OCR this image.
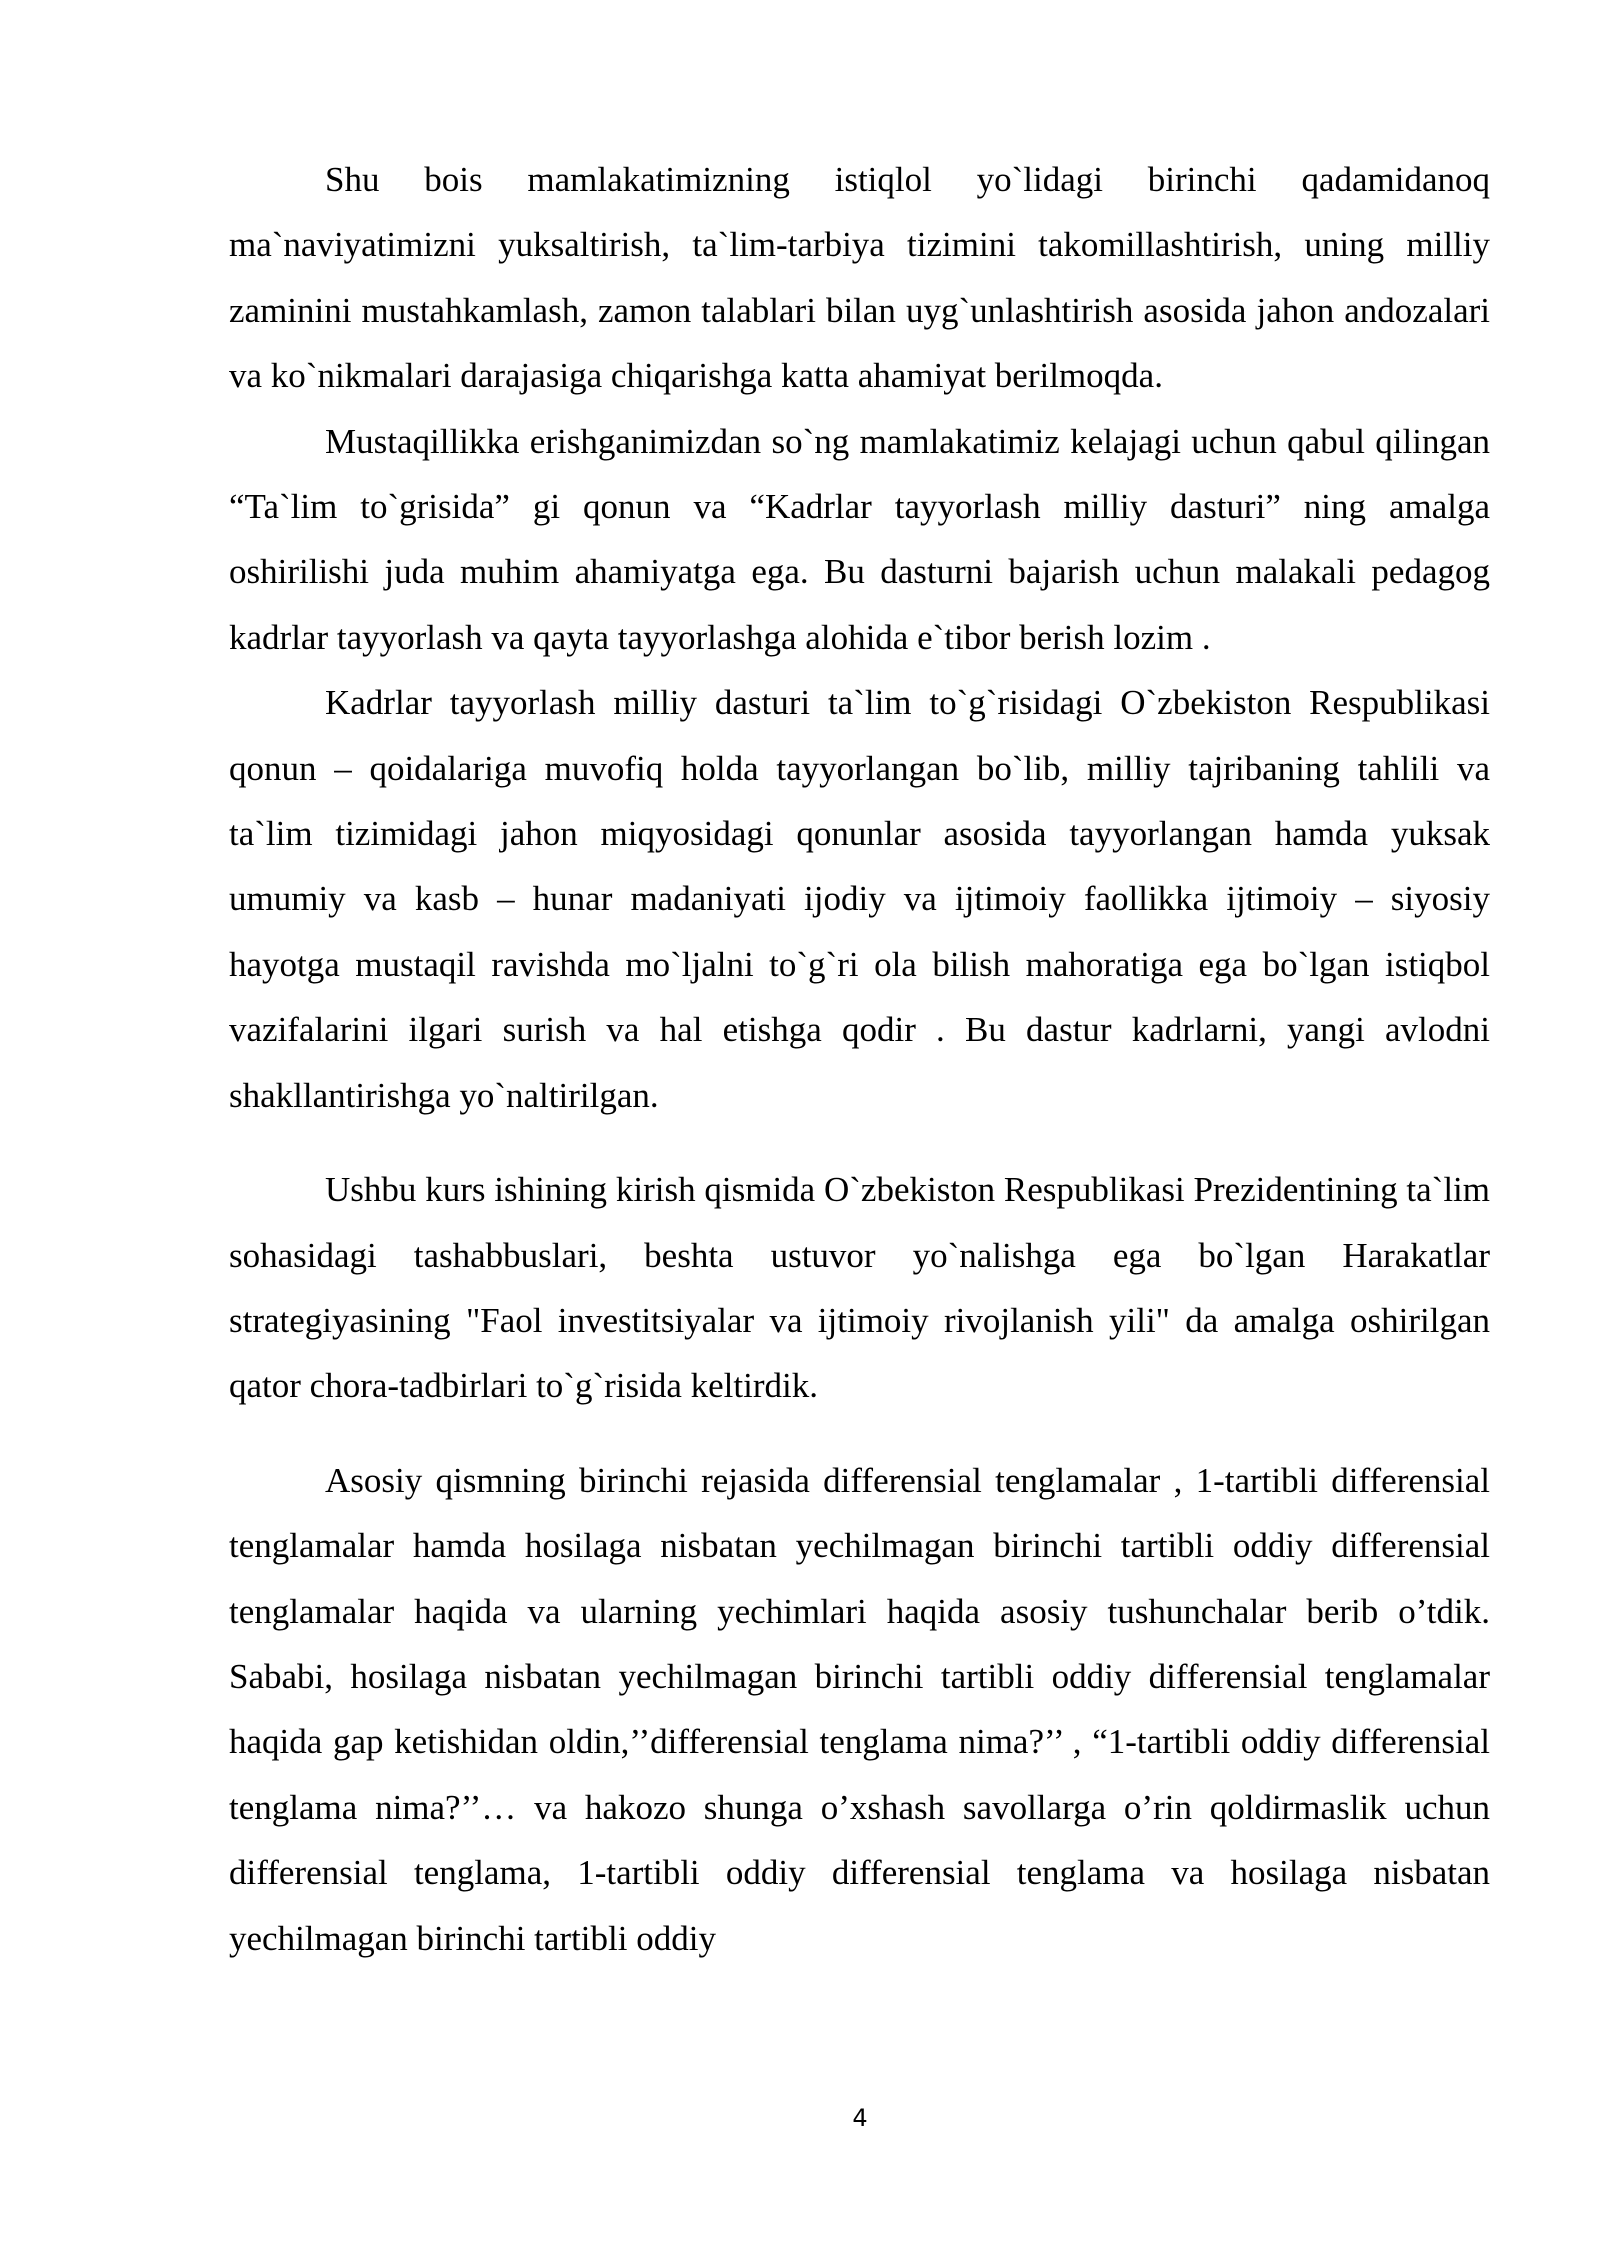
Shu bois mamlakatimizning istiqlol yo`lidagi birinchi qadamidanoq ma`naviyatimizni yuksaltirish, ta`lim-tarbiya tizimini takomillashtirish, uning milliy zaminini mustahkamlash, zamon talablari bilan uyg`unlashtirish asosida jahon andozalari va ko`nikmalari darajasiga chiqarishga katta ahamiyat berilmoqda.

Mustaqillikka erishganimizdan so`ng mamlakatimiz kelajagi uchun qabul qilingan “Ta`lim to`grisida” gi qonun va “Kadrlar tayyorlash milliy dasturi” ning amalga oshirilishi juda muhim ahamiyatga ega. Bu dasturni bajarish uchun malakali pedagog kadrlar tayyorlash va qayta tayyorlashga alohida e`tibor berish lozim .

Kadrlar tayyorlash milliy dasturi ta`lim to`g`risidagi O`zbekiston Respublikasi qonun – qoidalariga muvofiq holda tayyorlangan bo`lib, milliy tajribaning tahlili va ta`lim tizimidagi jahon miqyosidagi qonunlar asosida tayyorlangan hamda yuksak umumiy va kasb – hunar madaniyati ijodiy va ijtimoiy faollikka ijtimoiy – siyosiy hayotga mustaqil ravishda mo`ljalni to`g`ri ola bilish mahoratiga ega bo`lgan istiqbol vazifalarini ilgari surish va hal etishga qodir . Bu dastur kadrlarni, yangi avlodni shakllantirishga yo`naltirilgan.

Ushbu kurs ishining kirish qismida O`zbekiston Respublikasi Prezidentining ta`lim sohasidagi tashabbuslari, beshta ustuvor yo`nalishga ega bo`lgan Harakatlar strategiyasining "Faol investitsiyalar va ijtimoiy rivojlanish yili" da amalga oshirilgan qator chora-tadbirlari to`g`risida keltirdik.

Asosiy qismning birinchi rejasida differensial tenglamalar , 1-tartibli differensial tenglamalar hamda hosilaga nisbatan yechilmagan birinchi tartibli oddiy differensial tenglamalar haqida va ularning yechimlari haqida asosiy tushunchalar berib o’tdik. Sababi, hosilaga nisbatan yechilmagan birinchi tartibli oddiy differensial tenglamalar haqida gap ketishidan oldin,’’differensial tenglama nima?’’ , “1-tartibli oddiy differensial tenglama nima?’’… va hakozo shunga o’xshash savollarga o’rin qoldirmaslik uchun differensial tenglama, 1-tartibli oddiy differensial tenglama va hosilaga nisbatan yechilmagan birinchi tartibli oddiy

4
